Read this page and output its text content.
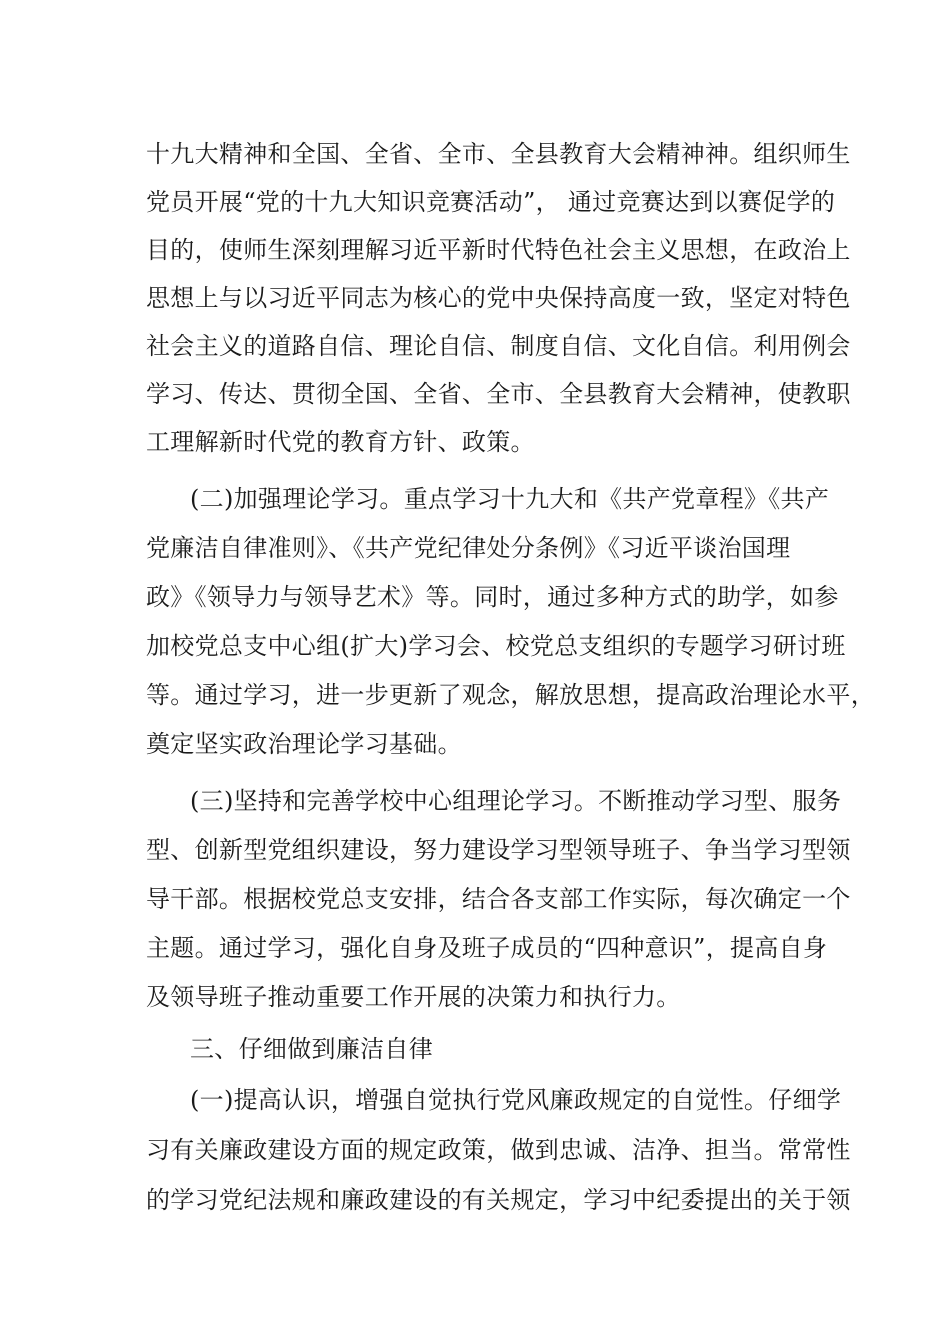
十九大精神和全国、全省、全市、全县教育大会精神神。组织师生
党员开展“党的十九大知识竞赛活动”， 通过竞赛达到以赛促学的
目的，使师生深刻理解习近平新时代特色社会主义思想，在政治上
思想上与以习近平同志为核心的党中央保持高度一致，坚定对特色
社会主义的道路自信、理论自信、制度自信、文化自信。利用例会
学习、传达、贯彻全国、全省、全市、全县教育大会精神，使教职
工理解新时代党的教育方针、政策。
(二)加强理论学习。重点学习十九大和《共产党章程》《共产
党廉洁自律准则》、《共产党纪律处分条例》《习近平谈治国理
政》《领导力与领导艺术》等。同时，通过多种方式的助学，如参
加校党总支中心组(扩大)学习会、校党总支组织的专题学习研讨班
等。通过学习，进一步更新了观念，解放思想，提高政治理论水平，
奠定坚实政治理论学习基础。
(三)坚持和完善学校中心组理论学习。不断推动学习型、服务
型、创新型党组织建设，努力建设学习型领导班子、争当学习型领
导干部。根据校党总支安排，结合各支部工作实际，每次确定一个
主题。通过学习，强化自身及班子成员的“四种意识”，提高自身
及领导班子推动重要工作开展的决策力和执行力。
三、仔细做到廉洁自律
(一)提高认识，增强自觉执行党风廉政规定的自觉性。仔细学
习有关廉政建设方面的规定政策，做到忠诚、洁净、担当。常常性
的学习党纪法规和廉政建设的有关规定，学习中纪委提出的关于领
